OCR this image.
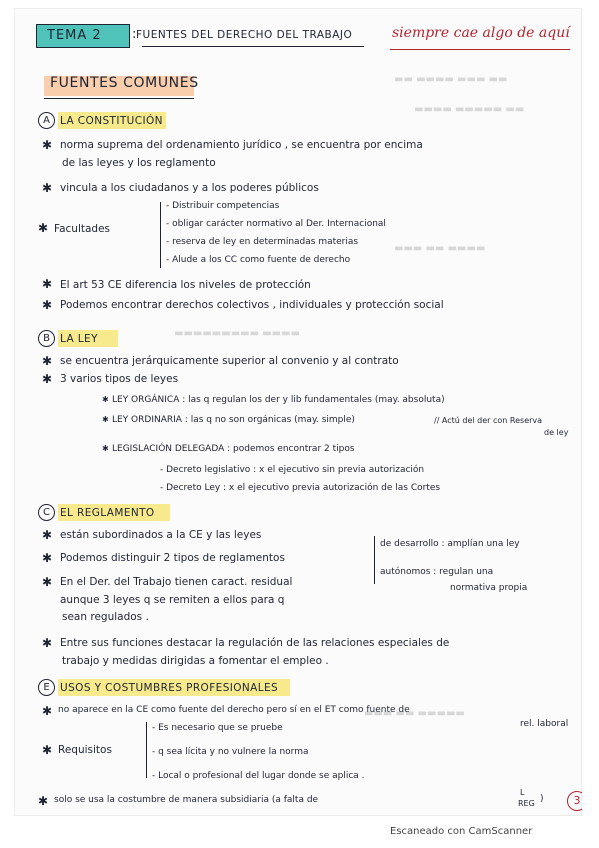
▬▬ ▬▬▬▬ ▬▬▬ ▬▬
▬▬▬▬ ▬▬▬▬▬ ▬▬
▬▬▬ ▬▬ ▬▬▬▬
▬▬▬▬▬▬▬▬▬ ▬▬▬▬
▬▬▬ ▬▬ ▬▬▬▬▬
TEMA 2	: FUENTES DEL DERECHO DEL TRABAJO	siempre cae algo de aquí
FUENTES COMUNES
A LA CONSTITUCIÓN
✱ norma suprema del ordenamiento jurídico , se encuentra por encima
de las leyes y los reglamento
✱ vincula a los ciudadanos y a los poderes públicos
✱ Facultades
- Distribuir competencias
- obligar carácter normativo al Der. Internacional
- reserva de ley en determinadas materias
- Alude a los CC como fuente de derecho
✱ El art 53 CE diferencia los niveles de protección
✱ Podemos encontrar derechos colectivos , individuales y protección social
B LA LEY
✱ se encuentra jerárquicamente superior al convenio y al contrato
✱ 3 varios tipos de leyes
✱ LEY ORGÁNICA : las q regulan los der y lib fundamentales (may. absoluta)
✱ LEY ORDINARIA : las q no son orgánicas (may. simple)	// Actú del der con Reserva
de ley
✱ LEGISLACIÓN DELEGADA : podemos encontrar 2 tipos
- Decreto legislativo : x el ejecutivo sin previa autorización
- Decreto Ley : x el ejecutivo previa autorización de las Cortes
C EL REGLAMENTO
✱ están subordinados a la CE y las leyes
✱ Podemos distinguir 2 tipos de reglamentos
de desarrollo : amplían una ley
autónomos : regulan una
normativa propia
✱ En el Der. del Trabajo tienen caract. residual
aunque 3 leyes q se remiten a ellos para q
sean regulados .
✱ Entre sus funciones destacar la regulación de las relaciones especiales de
trabajo y medidas dirigidas a fomentar el empleo .
E USOS Y COSTUMBRES PROFESIONALES
✱ no aparece en la CE como fuente del derecho pero sí en el ET como fuente de
rel. laboral
✱ Requisitos
- Es necesario que se pruebe
- q sea lícita y no vulnere la norma
- Local o profesional del lugar donde se aplica .
✱ solo se usa la costumbre de manera subsidiaria (a falta de
L
REG )	3
Escaneado con CamScanner
